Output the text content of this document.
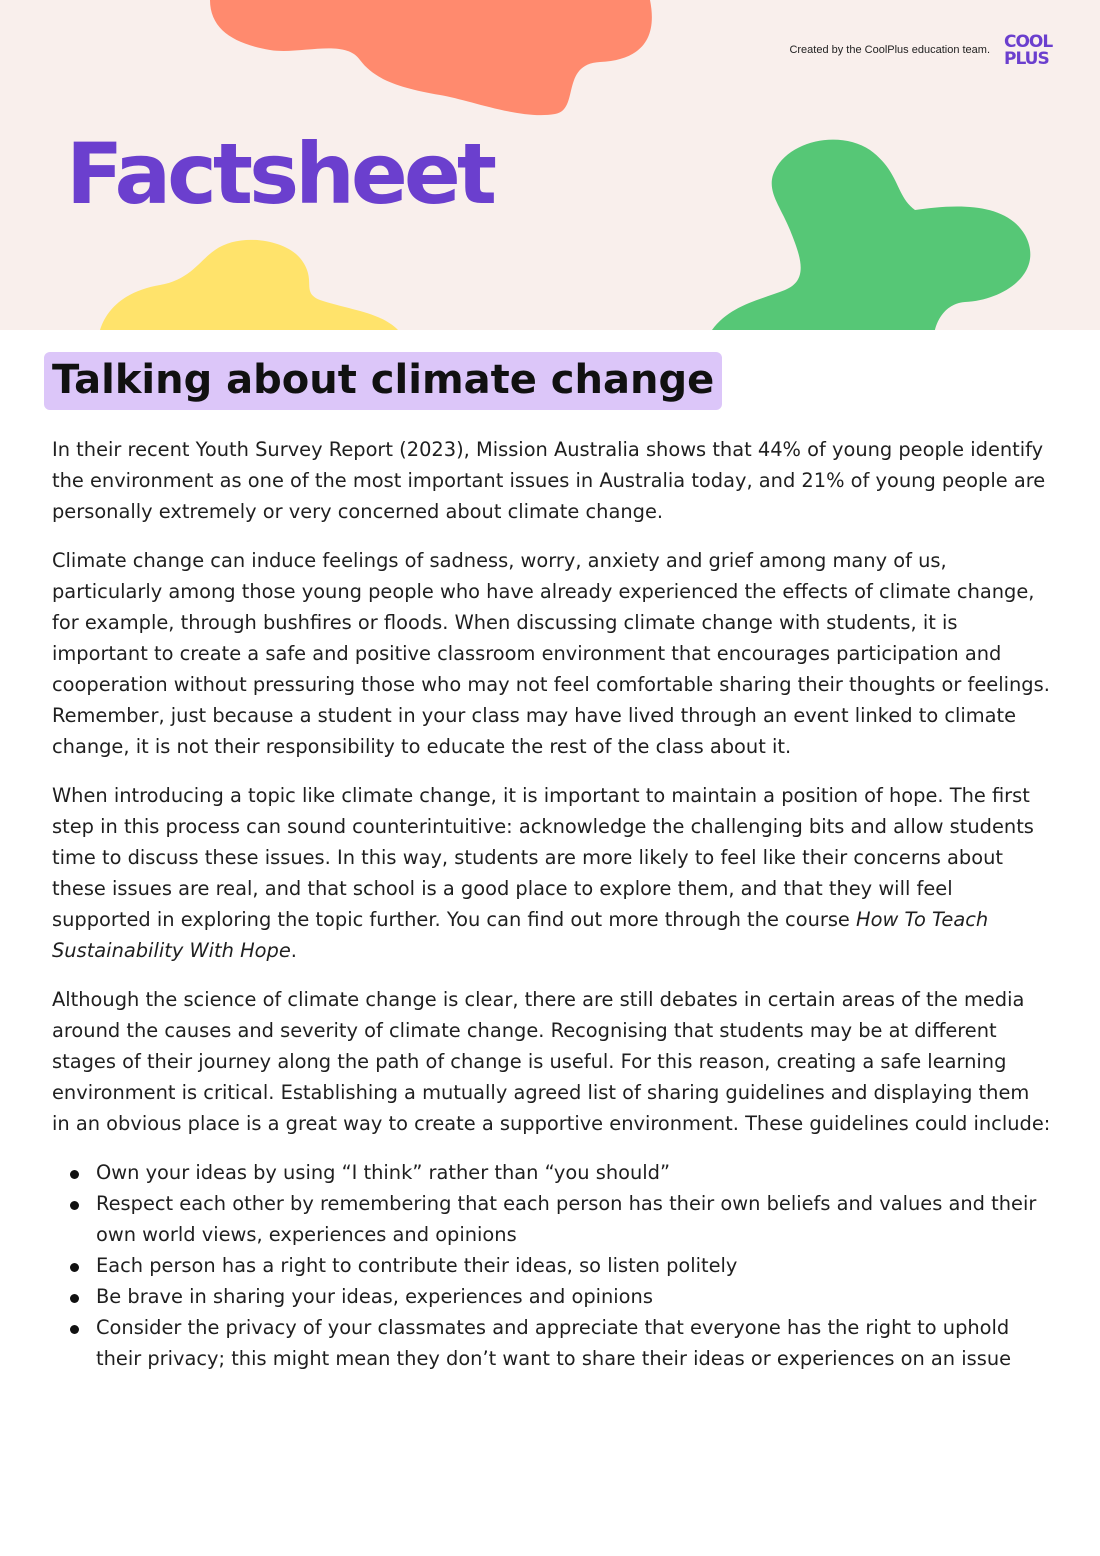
Created by the CoolPlus education team. COOL
PLUS
Factsheet
Talking about climate change

In their recent Youth Survey Report (2023), Mission Australia shows that 44% of young people identify the environment as one of the most important issues in Australia today, and 21% of young people are personally extremely or very concerned about climate change.

Climate change can induce feelings of sadness, worry, anxiety and grief among many of us, particularly among those young people who have already experienced the effects of climate change, for example, through bushfires or floods. When discussing climate change with students, it is important to create a safe and positive classroom environment that encourages participation and cooperation without pressuring those who may not feel comfortable sharing their thoughts or feelings. Remember, just because a student in your class may have lived through an event linked to climate change, it is not their responsibility to educate the rest of the class about it.

When introducing a topic like climate change, it is important to maintain a position of hope. The first step in this process can sound counterintuitive: acknowledge the challenging bits and allow students time to discuss these issues. In this way, students are more likely to feel like their concerns about these issues are real, and that school is a good place to explore them, and that they will feel supported in exploring the topic further. You can find out more through the course How To Teach Sustainability With Hope.

Although the science of climate change is clear, there are still debates in certain areas of the media around the causes and severity of climate change. Recognising that students may be at different stages of their journey along the path of change is useful. For this reason, creating a safe learning environment is critical. Establishing a mutually agreed list of sharing guidelines and displaying them in an obvious place is a great way to create a supportive environment. These guidelines could include:

Own your ideas by using “I think” rather than “you should”
Respect each other by remembering that each person has their own beliefs and values and their own world views, experiences and opinions
Each person has a right to contribute their ideas, so listen politely
Be brave in sharing your ideas, experiences and opinions
Consider the privacy of your classmates and appreciate that everyone has the right to uphold their privacy; this might mean they don’t want to share their ideas or experiences on an issue
